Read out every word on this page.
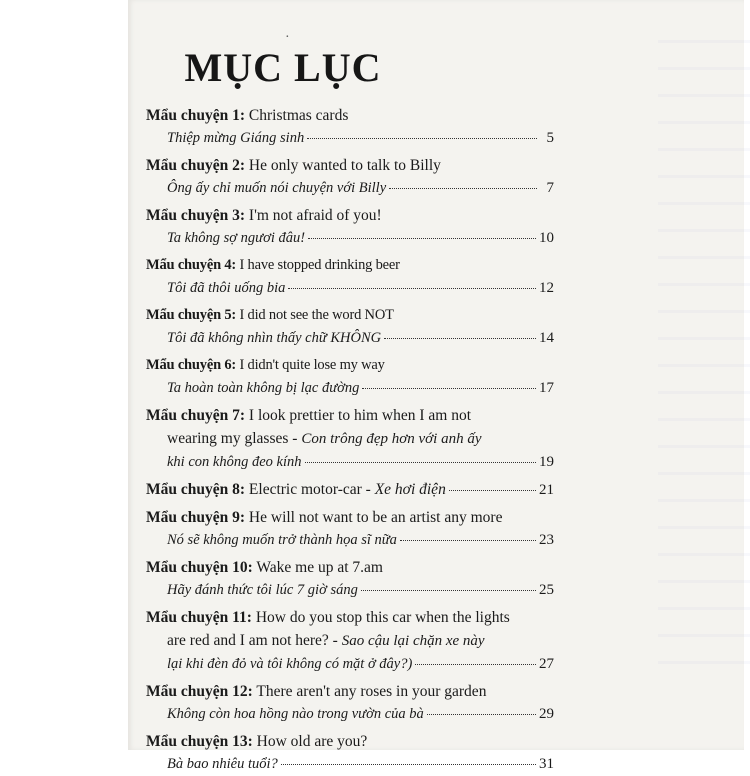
·
MỤC LỤC
Mẩu chuyện 1: Christmas cards
Thiệp mừng Giáng sinh	5
Mẩu chuyện 2: He only wanted to talk to Billy
Ông ấy chỉ muốn nói chuyện với Billy	7
Mẩu chuyện 3: I'm not afraid of you!
Ta không sợ ngươi đâu!	10
Mẩu chuyện 4: I have stopped drinking beer
Tôi đã thôi uống bia	12
Mẩu chuyện 5: I did not see the word NOT
Tôi đã không nhìn thấy chữ KHÔNG	14
Mẩu chuyện 6: I didn't quite lose my way
Ta hoàn toàn không bị lạc đường	17
Mẩu chuyện 7: I look prettier to him when I am not
wearing my glasses - Con trông đẹp hơn với anh ấy
khi con không đeo kính	19
Mẩu chuyện 8: Electric motor-car - Xe hơi điện	21
Mẩu chuyện 9: He will not want to be an artist any more
Nó sẽ không muốn trở thành họa sĩ nữa	23
Mẩu chuyện 10: Wake me up at 7.am
Hãy đánh thức tôi lúc 7 giờ sáng	25
Mẩu chuyện 11: How do you stop this car when the lights
are red and I am not here? - Sao cậu lại chặn xe này
lại khi đèn đỏ và tôi không có mặt ở đây?)	27
Mẩu chuyện 12: There aren't any roses in your garden
Không còn hoa hồng nào trong vườn của bà	29
Mẩu chuyện 13: How old are you?
Bà bao nhiêu tuổi?	31
